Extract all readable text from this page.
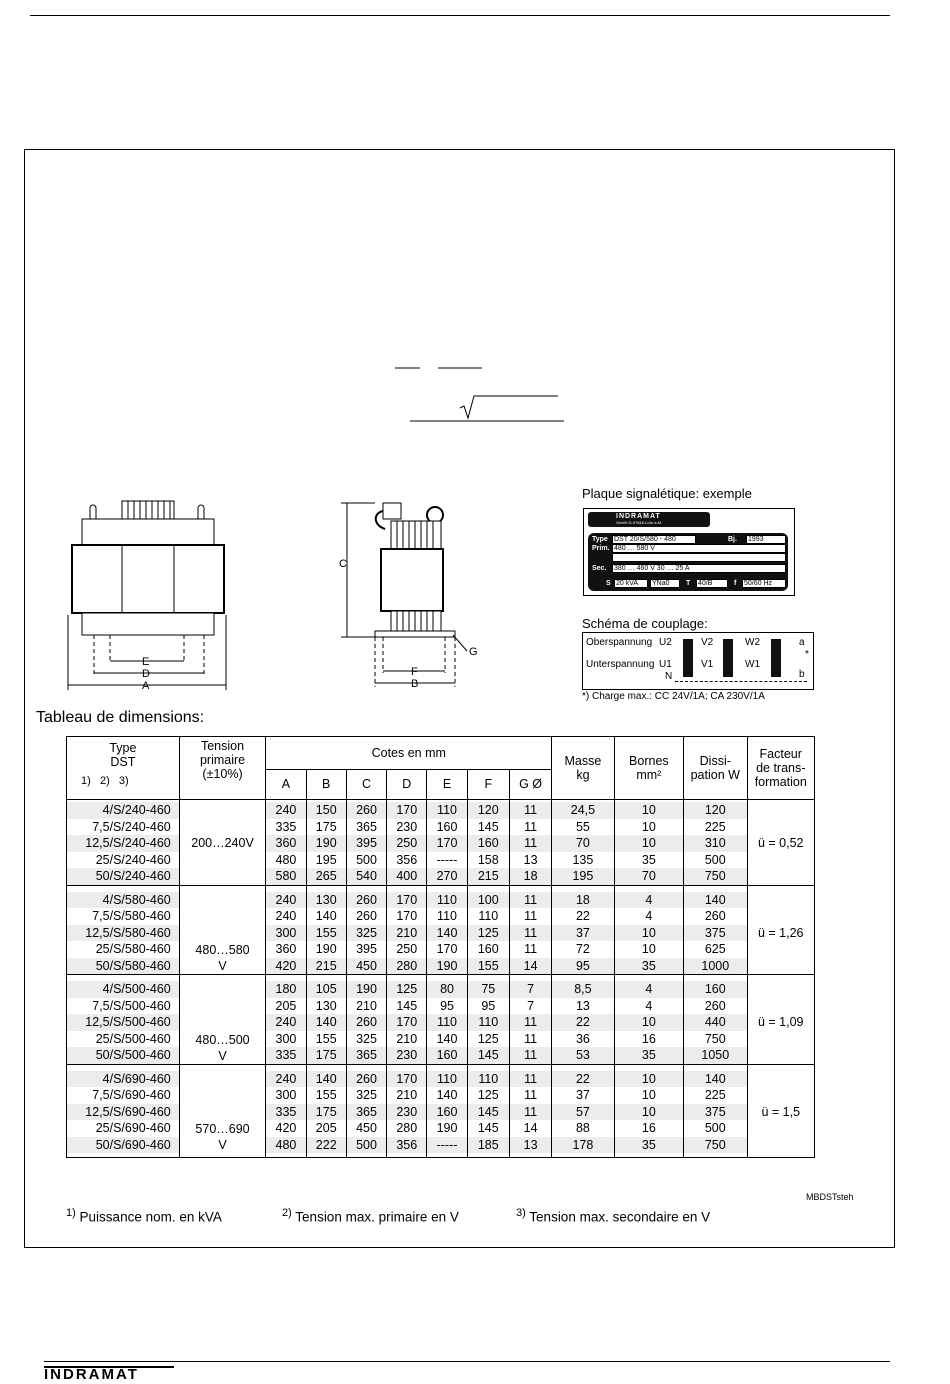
E
D
A
C
G
F
B
Plaque signalétique: exemple
INDRAMAT
GmbH D-97816 Lohr a.M.
Type DST 20/S/580 - 480	Bj. 1993
Prim. 480 … 580 V
Sec. 380 … 460 V 30 … 25 A
S 20 kVA	YNa0	T 40/B	f 50/60 Hz
Schéma de couplage:
Oberspannung U2	V2	W2	a
Unterspannung U1	V1	W1
*
b
N
*) Charge max.: CC 24V/1A; CA 230V/1A
Tableau de dimensions:
Type
DST
1)   2)   3)	Tension primaire (±10%)	Cotes en mm							Masse kg	Bornes mm²	Dissi-pation W	Facteur de trans-formation

		A	B	C	D	E	F	G Ø				

4/S/240-460	200…240V	240	150	260	170	110	120	11	24,5	10	120	ü = 0,52
7,5/S/240-460		335	175	365	230	160	145	11	55	10	225	
12,5/S/240-460		360	190	395	250	170	160	11	70	10	310	
25/S/240-460		480	195	500	356	-----	158	13	135	35	500	
50/S/240-460		580	265	540	400	270	215	18	195	70	750	

4/S/580-460	480…580
V	240	130	260	170	110	100	11	18	4	140	ü = 1,26
7,5/S/580-460		240	140	260	170	110	110	11	22	4	260	
12,5/S/580-460		300	155	325	210	140	125	11	37	10	375	
25/S/580-460		360	190	395	250	170	160	11	72	10	625	
50/S/580-460		420	215	450	280	190	155	14	95	35	1000	

4/S/500-460	480…500
V	180	105	190	125	80	75	7	8,5	4	160	ü = 1,09
7,5/S/500-460		205	130	210	145	95	95	7	13	4	260	
12,5/S/500-460		240	140	260	170	110	110	11	22	10	440	
25/S/500-460		300	155	325	210	140	125	11	36	16	750	
50/S/500-460		335	175	365	230	160	145	11	53	35	1050	

4/S/690-460	570…690
V	240	140	260	170	110	110	11	22	10	140	ü = 1,5
7,5/S/690-460		300	155	325	210	140	125	11	37	10	225	
12,5/S/690-460		335	175	365	230	160	145	11	57	10	375	
25/S/690-460		420	205	450	280	190	145	14	88	16	500	
50/S/690-460		480	222	500	356	-----	185	13	178	35	750	

MBDSTsteh
$^{1)}$ Puissance nom. en kVA	$^{2)}$ Tension max. primaire en V	$^{3)}$ Tension max. secondaire en V
INDRAMAT
